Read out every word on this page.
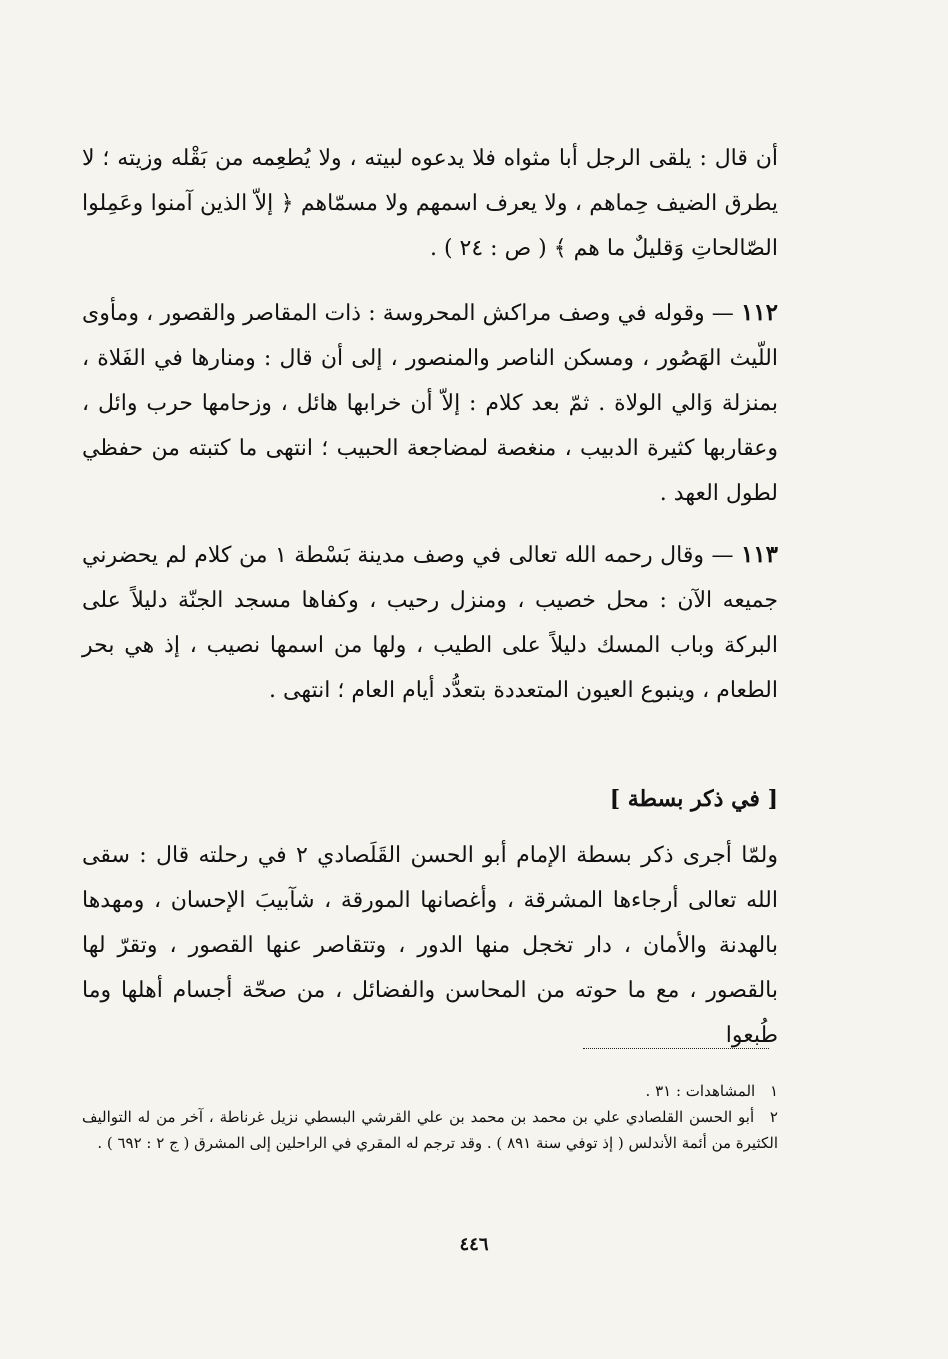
أن قال : يلقى الرجل أبا مثواه فلا يدعوه لبيته ، ولا يُطعِمه من بَقْله وزيته ؛ لا يطرق الضيف حِماهم ، ولا يعرف اسمهم ولا مسمّاهم ﴿ إلاّ الذين آمنوا وعَمِلوا الصّالحاتِ وَقليلٌ ما هم ﴾ ( ص : ٢٤ ) .

١١٢ — وقوله في وصف مراكش المحروسة : ذات المقاصر والقصور ، ومأوى اللّيث الهَصُور ، ومسكن الناصر والمنصور ، إلى أن قال : ومنارها في الفَلاة ، بمنزلة وَالي الولاة . ثمّ بعد كلام : إلاّ أن خرابها هائل ، وزحامها حرب وائل ، وعقاربها كثيرة الدبيب ، منغصة لمضاجعة الحبيب ؛ انتهى ما كتبته من حفظي لطول العهد .

١١٣ — وقال رحمه الله تعالى في وصف مدينة بَسْطة ١ من كلام لم يحضرني جميعه الآن : محل خصيب ، ومنزل رحيب ، وكفاها مسجد الجنّة دليلاً على البركة وباب المسك دليلاً على الطيب ، ولها من اسمها نصيب ، إذ هي بحر الطعام ، وينبوع العيون المتعددة بتعدُّد أيام العام ؛ انتهى .

[ في ذكر بسطة ]

ولمّا أجرى ذكر بسطة الإمام أبو الحسن القَلَصادي ٢ في رحلته قال : سقى الله تعالى أرجاءها المشرقة ، وأغصانها المورقة ، شآبيبَ الإحسان ، ومهدها بالهدنة والأمان ، دار تخجل منها الدور ، وتتقاصر عنها القصور ، وتقرّ لها بالقصور ، مع ما حوته من المحاسن والفضائل ، من صحّة أجسام أهلها وما طُبعوا

١ المشاهدات : ٣١ .

٢ أبو الحسن القلصادي علي بن محمد بن محمد بن علي القرشي البسطي نزيل غرناطة ، آخر من له التواليف الكثيرة من أئمة الأندلس ( إذ توفي سنة ٨٩١ ) . وقد ترجم له المقري في الراحلين إلى المشرق ( ج ٢ : ٦٩٢ ) .

٤٤٦
